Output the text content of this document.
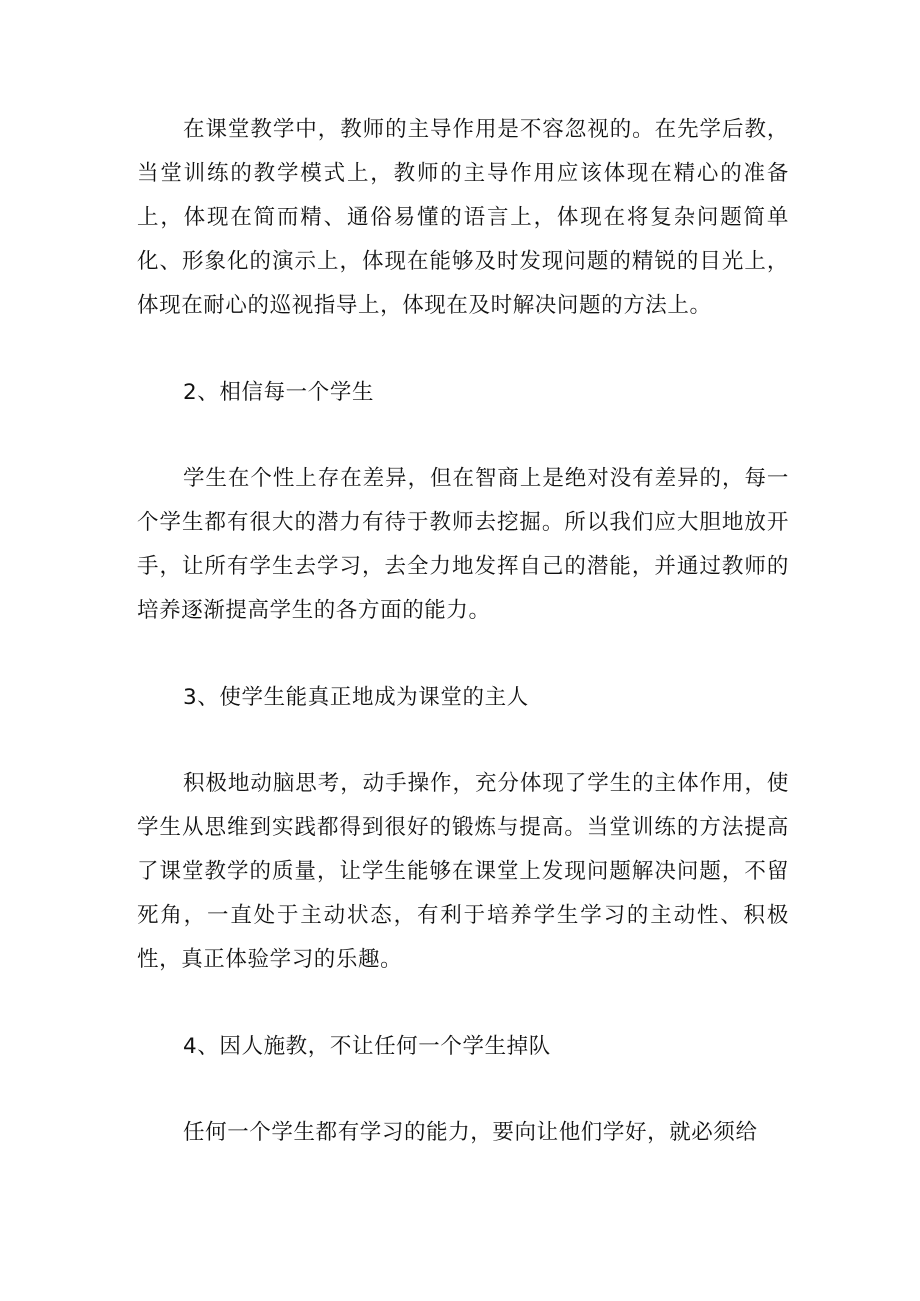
在课堂教学中，教师的主导作用是不容忽视的。在先学后教，当堂训练的教学模式上，教师的主导作用应该体现在精心的准备上，体现在简而精、通俗易懂的语言上，体现在将复杂问题简单化、形象化的演示上，体现在能够及时发现问题的精锐的目光上，体现在耐心的巡视指导上，体现在及时解决问题的方法上。

2、相信每一个学生

学生在个性上存在差异，但在智商上是绝对没有差异的，每一个学生都有很大的潜力有待于教师去挖掘。所以我们应大胆地放开手，让所有学生去学习，去全力地发挥自己的潜能，并通过教师的培养逐渐提高学生的各方面的能力。

3、使学生能真正地成为课堂的主人

积极地动脑思考，动手操作，充分体现了学生的主体作用，使学生从思维到实践都得到很好的锻炼与提高。当堂训练的方法提高了课堂教学的质量，让学生能够在课堂上发现问题解决问题，不留死角，一直处于主动状态，有利于培养学生学习的主动性、积极性，真正体验学习的乐趣。

4、因人施教，不让任何一个学生掉队

任何一个学生都有学习的能力，要向让他们学好，就必须给
